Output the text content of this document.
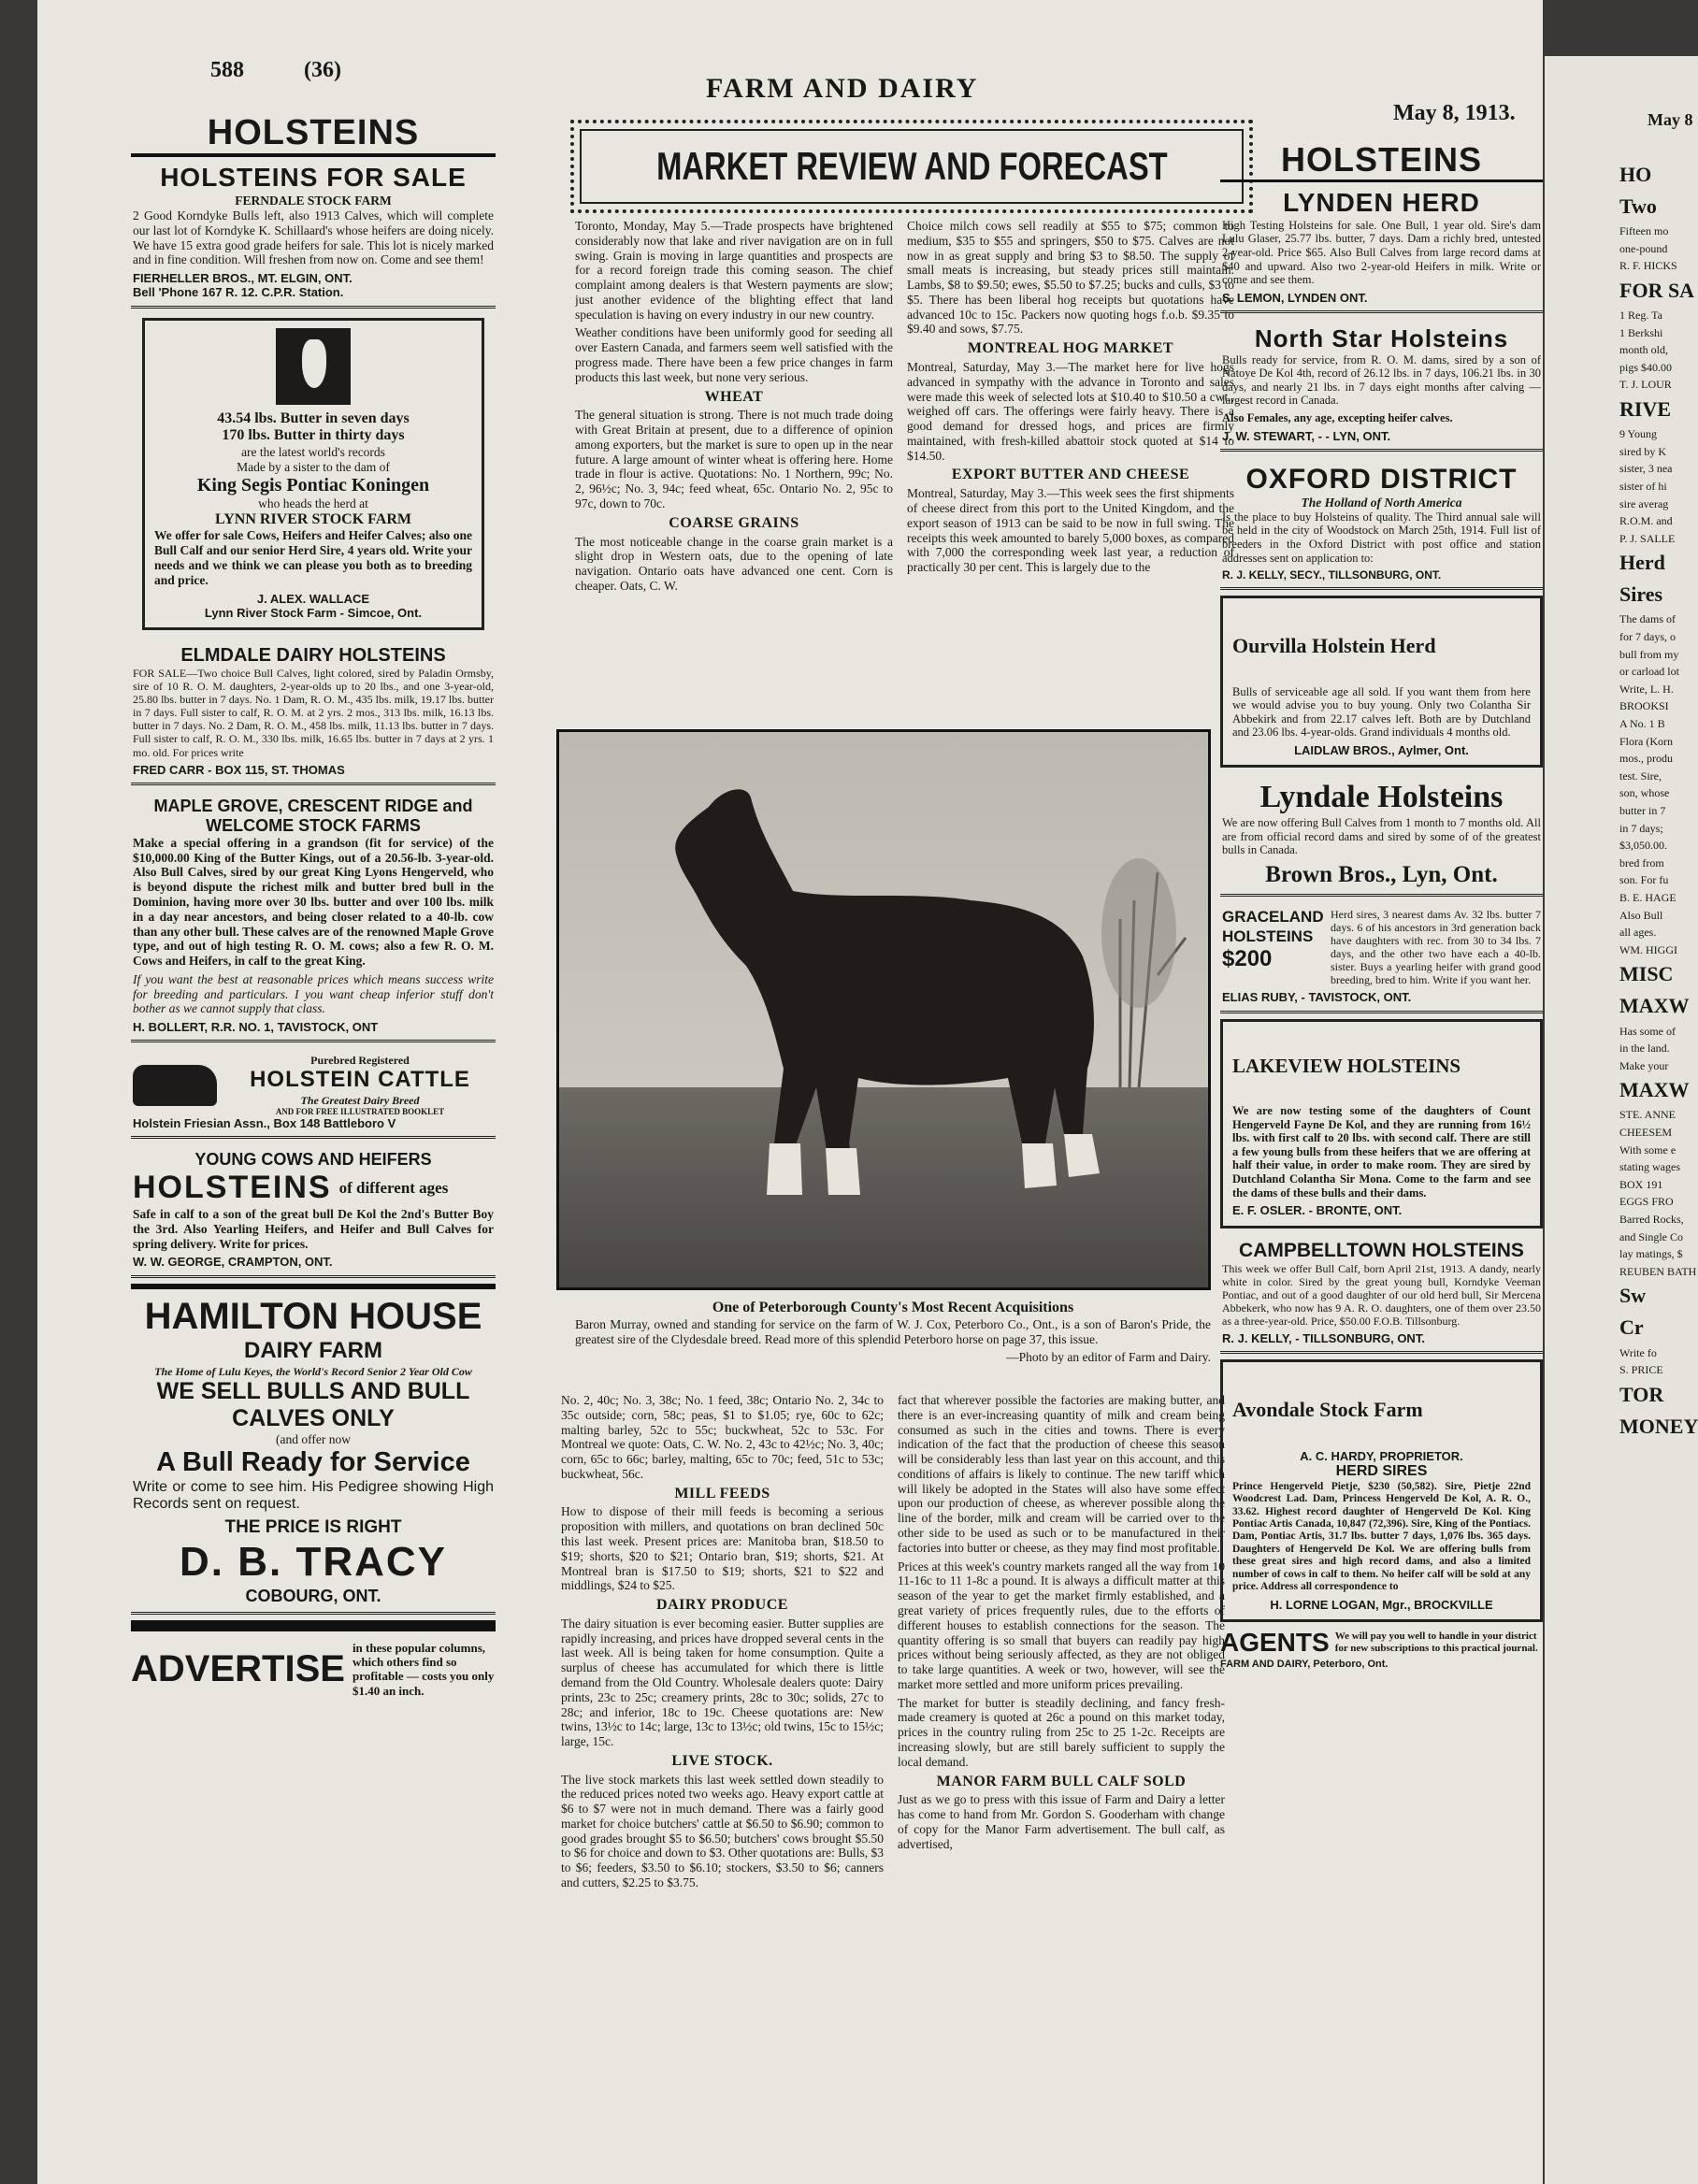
588	(36)
FARM AND DAIRY
May 8, 1913.
HOLSTEINS
HOLSTEINS FOR SALE
FERNDALE STOCK FARM

2 Good Korndyke Bulls left, also 1913 Calves, which will complete our last lot of Korndyke K. Schillaard's whose heifers are doing nicely. We have 15 extra good grade heifers for sale. This lot is nicely marked and in fine condition. Will freshen from now on. Come and see them!

FIERHELLER BROS., MT. ELGIN, ONT.
Bell 'Phone 167 R. 12. C.P.R. Station.
43.54 lbs. Butter in seven days
170 lbs. Butter in thirty days
are the latest world's records
Made by a sister to the dam of
King Segis Pontiac Koningen
who heads the herd at
LYNN RIVER STOCK FARM

We offer for sale Cows, Heifers and Heifer Calves; also one Bull Calf and our senior Herd Sire, 4 years old. Write your needs and we think we can please you both as to breeding and price.

J. ALEX. WALLACE
Lynn River Stock Farm - Simcoe, Ont.
ELMDALE DAIRY HOLSTEINS

FOR SALE—Two choice Bull Calves, light colored, sired by Paladin Ormsby, sire of 10 R. O. M. daughters, 2-year-olds up to 20 lbs., and one 3-year-old, 25.80 lbs. butter in 7 days. No. 1 Dam, R. O. M., 435 lbs. milk, 19.17 lbs. butter in 7 days. Full sister to calf, R. O. M. at 2 yrs. 2 mos., 313 lbs. milk, 16.13 lbs. butter in 7 days. No. 2 Dam, R. O. M., 458 lbs. milk, 11.13 lbs. butter in 7 days. Full sister to calf, R. O. M., 330 lbs. milk, 16.65 lbs. butter in 7 days at 2 yrs. 1 mo. old. For prices write

FRED CARR - BOX 115, ST. THOMAS
MAPLE GROVE, CRESCENT RIDGE and WELCOME STOCK FARMS

Make a special offering in a grandson (fit for service) of the $10,000.00 King of the Butter Kings, out of a 20.56-lb. 3-year-old. Also Bull Calves, sired by our great King Lyons Hengerveld, who is beyond dispute the richest milk and butter bred bull in the Dominion, having more over 30 lbs. butter and over 100 lbs. milk in a day near ancestors, and being closer related to a 40-lb. cow than any other bull. These calves are of the renowned Maple Grove type, and out of high testing R. O. M. cows; also a few R. O. M. Cows and Heifers, in calf to the great King.

If you want the best at reasonable prices which means success write for breeding and particulars. I you want cheap inferior stuff don't bother as we cannot supply that class.

H. BOLLERT, R.R. NO. 1, TAVISTOCK, ONT
Purebred Registered
HOLSTEIN CATTLE
The Greatest Dairy Breed
AND FOR FREE ILLUSTRATED BOOKLET
Holstein Friesian Assn., Box 148 Battleboro V
YOUNG COWS AND HEIFERS
HOLSTEINS of different ages

Safe in calf to a son of the great bull De Kol the 2nd's Butter Boy the 3rd. Also Yearling Heifers, and Heifer and Bull Calves for spring delivery. Write for prices.

W. W. GEORGE, CRAMPTON, ONT.
HAMILTON HOUSE
DAIRY FARM
The Home of Lulu Keyes, the World's Record Senior 2 Year Old Cow
WE SELL BULLS AND BULL CALVES ONLY
(and offer now
A Bull Ready for Service

Write or come to see him. His Pedigree showing High Records sent on request.

THE PRICE IS RIGHT
D. B. TRACY
COBOURG, ONT.
ADVERTISE
in these popular columns, which others find so profitable — costs you only $1.40 an inch.
MARKET REVIEW AND FORECAST

Toronto, Monday, May 5.—Trade prospects have brightened considerably now that lake and river navigation are on in full swing. Grain is moving in large quantities and prospects are for a record foreign trade this coming season. The chief complaint among dealers is that Western payments are slow; just another evidence of the blighting effect that land speculation is having on every industry in our new country.

Weather conditions have been uniformly good for seeding all over Eastern Canada, and farmers seem well satisfied with the progress made. There have been a few price changes in farm products this last week, but none very serious.

WHEAT

The general situation is strong. There is not much trade doing with Great Britain at present, due to a difference of opinion among exporters, but the market is sure to open up in the near future. A large amount of winter wheat is offering here. Home trade in flour is active. Quotations: No. 1 Northern, 99c; No. 2, 96½c; No. 3, 94c; feed wheat, 65c. Ontario No. 2, 95c to 97c, down to 70c.

COARSE GRAINS

The most noticeable change in the coarse grain market is a slight drop in Western oats, due to the opening of late navigation. Ontario oats have advanced one cent. Corn is cheaper. Oats, C. W.

Choice milch cows sell readily at $55 to $75; common to medium, $35 to $55 and springers, $50 to $75. Calves are not now in as great supply and bring $3 to $8.50. The supply of small meats is increasing, but steady prices still maintain. Lambs, $8 to $9.50; ewes, $5.50 to $7.25; bucks and culls, $3 to $5. There has been liberal hog receipts but quotations have advanced 10c to 15c. Packers now quoting hogs f.o.b. $9.35 to $9.40 and sows, $7.75.

MONTREAL HOG MARKET

Montreal, Saturday, May 3.—The market here for live hogs advanced in sympathy with the advance in Toronto and sales were made this week of selected lots at $10.40 to $10.50 a cwt., weighed off cars. The offerings were fairly heavy. There is a good demand for dressed hogs, and prices are firmly maintained, with fresh-killed abattoir stock quoted at $14 to $14.50.

EXPORT BUTTER AND CHEESE

Montreal, Saturday, May 3.—This week sees the first shipments of cheese direct from this port to the United Kingdom, and the export season of 1913 can be said to be now in full swing. The receipts this week amounted to barely 5,000 boxes, as compared with 7,000 the corresponding week last year, a reduction of practically 30 per cent. This is largely due to the

One of Peterborough County's Most Recent Acquisitions

Baron Murray, owned and standing for service on the farm of W. J. Cox, Peterboro Co., Ont., is a son of Baron's Pride, the greatest sire of the Clydesdale breed. Read more of this splendid Peterboro horse on page 37, this issue.

—Photo by an editor of Farm and Dairy.

No. 2, 40c; No. 3, 38c; No. 1 feed, 38c; Ontario No. 2, 34c to 35c outside; corn, 58c; peas, $1 to $1.05; rye, 60c to 62c; malting barley, 52c to 55c; buckwheat, 52c to 53c. For Montreal we quote: Oats, C. W. No. 2, 43c to 42½c; No. 3, 40c; corn, 65c to 66c; barley, malting, 65c to 70c; feed, 51c to 53c; buckwheat, 56c.

MILL FEEDS

How to dispose of their mill feeds is becoming a serious proposition with millers, and quotations on bran declined 50c this last week. Present prices are: Manitoba bran, $18.50 to $19; shorts, $20 to $21; Ontario bran, $19; shorts, $21. At Montreal bran is $17.50 to $19; shorts, $21 to $22 and middlings, $24 to $25.

DAIRY PRODUCE

The dairy situation is ever becoming easier. Butter supplies are rapidly increasing, and prices have dropped several cents in the last week. All is being taken for home consumption. Quite a surplus of cheese has accumulated for which there is little demand from the Old Country. Wholesale dealers quote: Dairy prints, 23c to 25c; creamery prints, 28c to 30c; solids, 27c to 28c; and inferior, 18c to 19c. Cheese quotations are: New twins, 13½c to 14c; large, 13c to 13½c; old twins, 15c to 15½c; large, 15c.

LIVE STOCK.

The live stock markets this last week settled down steadily to the reduced prices noted two weeks ago. Heavy export cattle at $6 to $7 were not in much demand. There was a fairly good market for choice butchers' cattle at $6.50 to $6.90; common to good grades brought $5 to $6.50; butchers' cows brought $5.50 to $6 for choice and down to $3. Other quotations are: Bulls, $3 to $6; feeders, $3.50 to $6.10; stockers, $3.50 to $6; canners and cutters, $2.25 to $3.75.

fact that wherever possible the factories are making butter, and there is an ever-increasing quantity of milk and cream being consumed as such in the cities and towns. There is every indication of the fact that the production of cheese this season will be considerably less than last year on this account, and this conditions of affairs is likely to continue. The new tariff which will likely be adopted in the States will also have some effect upon our production of cheese, as wherever possible along the line of the border, milk and cream will be carried over to the other side to be used as such or to be manufactured in their factories into butter or cheese, as they may find most profitable.

Prices at this week's country markets ranged all the way from 10 11-16c to 11 1-8c a pound. It is always a difficult matter at this season of the year to get the market firmly established, and a great variety of prices frequently rules, due to the efforts of different houses to establish connections for the season. The quantity offering is so small that buyers can readily pay high prices without being seriously affected, as they are not obliged to take large quantities. A week or two, however, will see the market more settled and more uniform prices prevailing.

The market for butter is steadily declining, and fancy fresh-made creamery is quoted at 26c a pound on this market today, prices in the country ruling from 25c to 25 1-2c. Receipts are increasing slowly, but are still barely sufficient to supply the local demand.

MANOR FARM BULL CALF SOLD

Just as we go to press with this issue of Farm and Dairy a letter has come to hand from Mr. Gordon S. Gooderham with change of copy for the Manor Farm advertisement. The bull calf, as advertised,

HOLSTEINS
LYNDEN HERD

High Testing Holsteins for sale. One Bull, 1 year old. Sire's dam Lulu Glaser, 25.77 lbs. butter, 7 days. Dam a richly bred, untested 2-year-old. Price $65. Also Bull Calves from large record dams at $40 and upward. Also two 2-year-old Heifers in milk. Write or come and see them.

S. LEMON, LYNDEN ONT.
North Star Holsteins

Bulls ready for service, from R. O. M. dams, sired by a son of Natoye De Kol 4th, record of 26.12 lbs. in 7 days, 106.21 lbs. in 30 days, and nearly 21 lbs. in 7 days eight months after calving — largest record in Canada.

Also Females, any age, excepting heifer calves.

J. W. STEWART, - - LYN, ONT.
OXFORD DISTRICT
The Holland of North America

Is the place to buy Holsteins of quality. The Third annual sale will be held in the city of Woodstock on March 25th, 1914. Full list of breeders in the Oxford District with post office and station addresses sent on application to:

R. J. KELLY, SECY., TILLSONBURG, ONT.
Ourvilla Holstein Herd

Bulls of serviceable age all sold. If you want them from here we would advise you to buy young. Only two Colantha Sir Abbekirk and from 22.17 calves left. Both are by Dutchland and 23.06 lbs. 4-year-olds. Grand individuals 4 months old.

LAIDLAW BROS., Aylmer, Ont.
Lyndale Holsteins

We are now offering Bull Calves from 1 month to 7 months old. All are from official record dams and sired by some of of the greatest bulls in Canada.

Brown Bros., Lyn, Ont.
GRACELAND HOLSTEINS
$200

Herd sires, 3 nearest dams Av. 32 lbs. butter 7 days. 6 of his ancestors in 3rd generation back have daughters with rec. from 30 to 34 lbs. 7 days, and the other two have each a 40-lb. sister. Buys a yearling heifer with grand good breeding, bred to him. Write if you want her.

ELIAS RUBY, - TAVISTOCK, ONT.
LAKEVIEW HOLSTEINS

We are now testing some of the daughters of Count Hengerveld Fayne De Kol, and they are running from 16½ lbs. with first calf to 20 lbs. with second calf. There are still a few young bulls from these heifers that we are offering at half their value, in order to make room. They are sired by Dutchland Colantha Sir Mona. Come to the farm and see the dams of these bulls and their dams.

E. F. OSLER. - BRONTE, ONT.
CAMPBELLTOWN HOLSTEINS

This week we offer Bull Calf, born April 21st, 1913. A dandy, nearly white in color. Sired by the great young bull, Korndyke Veeman Pontiac, and out of a good daughter of our old herd bull, Sir Mercena Abbekerk, who now has 9 A. R. O. daughters, one of them over 23.50 as a three-year-old. Price, $50.00 F.O.B. Tillsonburg.

R. J. KELLY, - TILLSONBURG, ONT.
Avondale Stock Farm
A. C. HARDY, PROPRIETOR.
HERD SIRES

Prince Hengerveld Pietje, $230 (50,582). Sire, Pietje 22nd Woodcrest Lad. Dam, Princess Hengerveld De Kol, A. R. O., 33.62. Highest record daughter of Hengerveld De Kol. King Pontiac Artis Canada, 10,847 (72,396). Sire, King of the Pontiacs. Dam, Pontiac Artis, 31.7 lbs. butter 7 days, 1,076 lbs. 365 days. Daughters of Hengerveld De Kol. We are offering bulls from these great sires and high record dams, and also a limited number of cows in calf to them. No heifer calf will be sold at any price. Address all correspondence to

H. LORNE LOGAN, Mgr., BROCKVILLE
AGENTS We will pay you well to handle in your district for new subscriptions to this practical journal.
FARM AND DAIRY, Peterboro, Ont.
May 8
HO
Two
Fifteen mo
one-pound
R. F. HICKS
FOR SA
1 Reg. Ta
1 Berkshi
month old,
pigs $40.00
T. J. LOUR
RIVE
9 Young
sired by K
sister, 3 nea
sister of hi
sire averag
R.O.M. and
P. J. SALLE
Herd
Sires
The dams of
for 7 days, o
bull from my
or carload lot
Write, L. H.
BROOKSI
A No. 1 B
Flora (Korn
mos., produ
test. Sire,
son, whose
butter in 7
in 7 days;
$3,050.00.
bred from
son. For fu
B. E. HAGE
Also Bull
all ages.
WM. HIGGI
MISC
MAXW
Has some of
in the land.
Make your
MAXW
STE. ANNE
CHEESEM
With some e
stating wages
BOX 191
EGGS FRO
Barred Rocks,
and Single Co
lay matings, $
REUBEN BATH
Sw
Cr
Write fo
S. PRICE
TOR
MONEY
